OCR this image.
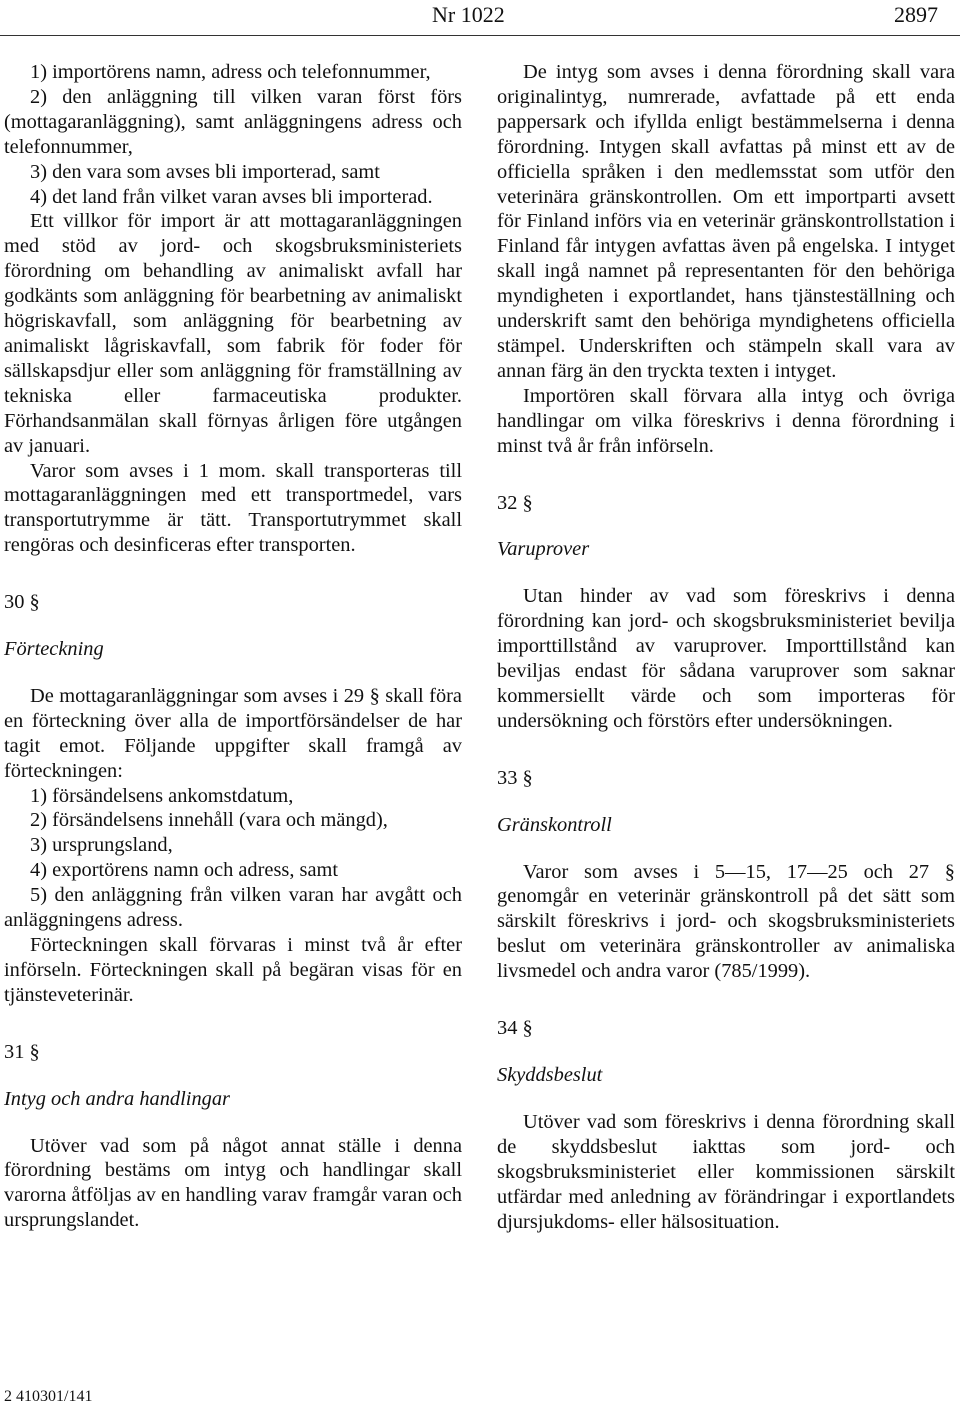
Nr 1022	2897

1) importörens namn, adress och telefonnummer,

2) den anläggning till vilken varan först förs (mottagaranläggning), samt anläggningens adress och telefonnummer,

3) den vara som avses bli importerad, samt

4) det land från vilket varan avses bli importerad.

Ett villkor för import är att mottagaranläggningen med stöd av jord- och skogsbruksministeriets förordning om behandling av animaliskt avfall har godkänts som anläggning för bearbetning av animaliskt högriskavfall, som anläggning för bearbetning av animaliskt lågriskavfall, som fabrik för foder för sällskapsdjur eller som anläggning för framställning av tekniska eller farmaceutiska produkter. Förhandsanmälan skall förnyas årligen före utgången av januari.

Varor som avses i 1 mom. skall transporteras till mottagaranläggningen med ett transportmedel, vars transportutrymme är tätt. Transportutrymmet skall rengöras och desinficeras efter transporten.

30 §

Förteckning

De mottagaranläggningar som avses i 29 § skall föra en förteckning över alla de importförsändelser de har tagit emot. Följande uppgifter skall framgå av förteckningen:

1) försändelsens ankomstdatum,

2) försändelsens innehåll (vara och mängd),

3) ursprungsland,

4) exportörens namn och adress, samt

5) den anläggning från vilken varan har avgått och anläggningens adress.

Förteckningen skall förvaras i minst två år efter införseln. Förteckningen skall på begäran visas för en tjänsteveterinär.

31 §

Intyg och andra handlingar

Utöver vad som på något annat ställe i denna förordning bestäms om intyg och handlingar skall varorna åtföljas av en handling varav framgår varan och ursprungslandet.

De intyg som avses i denna förordning skall vara originalintyg, numrerade, avfattade på ett enda pappersark och ifyllda enligt bestämmelserna i denna förordning. Intygen skall avfattas på minst ett av de officiella språken i den medlemsstat som utför den veterinära gränskontrollen. Om ett importparti avsett för Finland införs via en veterinär gränskontrollstation i Finland får intygen avfattas även på engelska. I intyget skall ingå namnet på representanten för den behöriga myndigheten i exportlandet, hans tjänsteställning och underskrift samt den behöriga myndighetens officiella stämpel. Underskriften och stämpeln skall vara av annan färg än den tryckta texten i intyget.

Importören skall förvara alla intyg och övriga handlingar om vilka föreskrivs i denna förordning i minst två år från införseln.

32 §

Varuprover

Utan hinder av vad som föreskrivs i denna förordning kan jord- och skogsbruksministeriet bevilja importtillstånd av varuprover. Importtillstånd kan beviljas endast för sådana varuprover som saknar kommersiellt värde och som importeras för undersökning och förstörs efter undersökningen.

33 §

Gränskontroll

Varor som avses i 5—15, 17—25 och 27 § genomgår en veterinär gränskontroll på det sätt som särskilt föreskrivs i jord- och skogsbruksministeriets beslut om veterinära gränskontroller av animaliska livsmedel och andra varor (785/1999).

34 §

Skyddsbeslut

Utöver vad som föreskrivs i denna förordning skall de skyddsbeslut iakttas som jord- och skogsbruksministeriet eller kommissionen särskilt utfärdar med anledning av förändringar i exportlandets djursjukdoms- eller hälsosituation.

2 410301/141
